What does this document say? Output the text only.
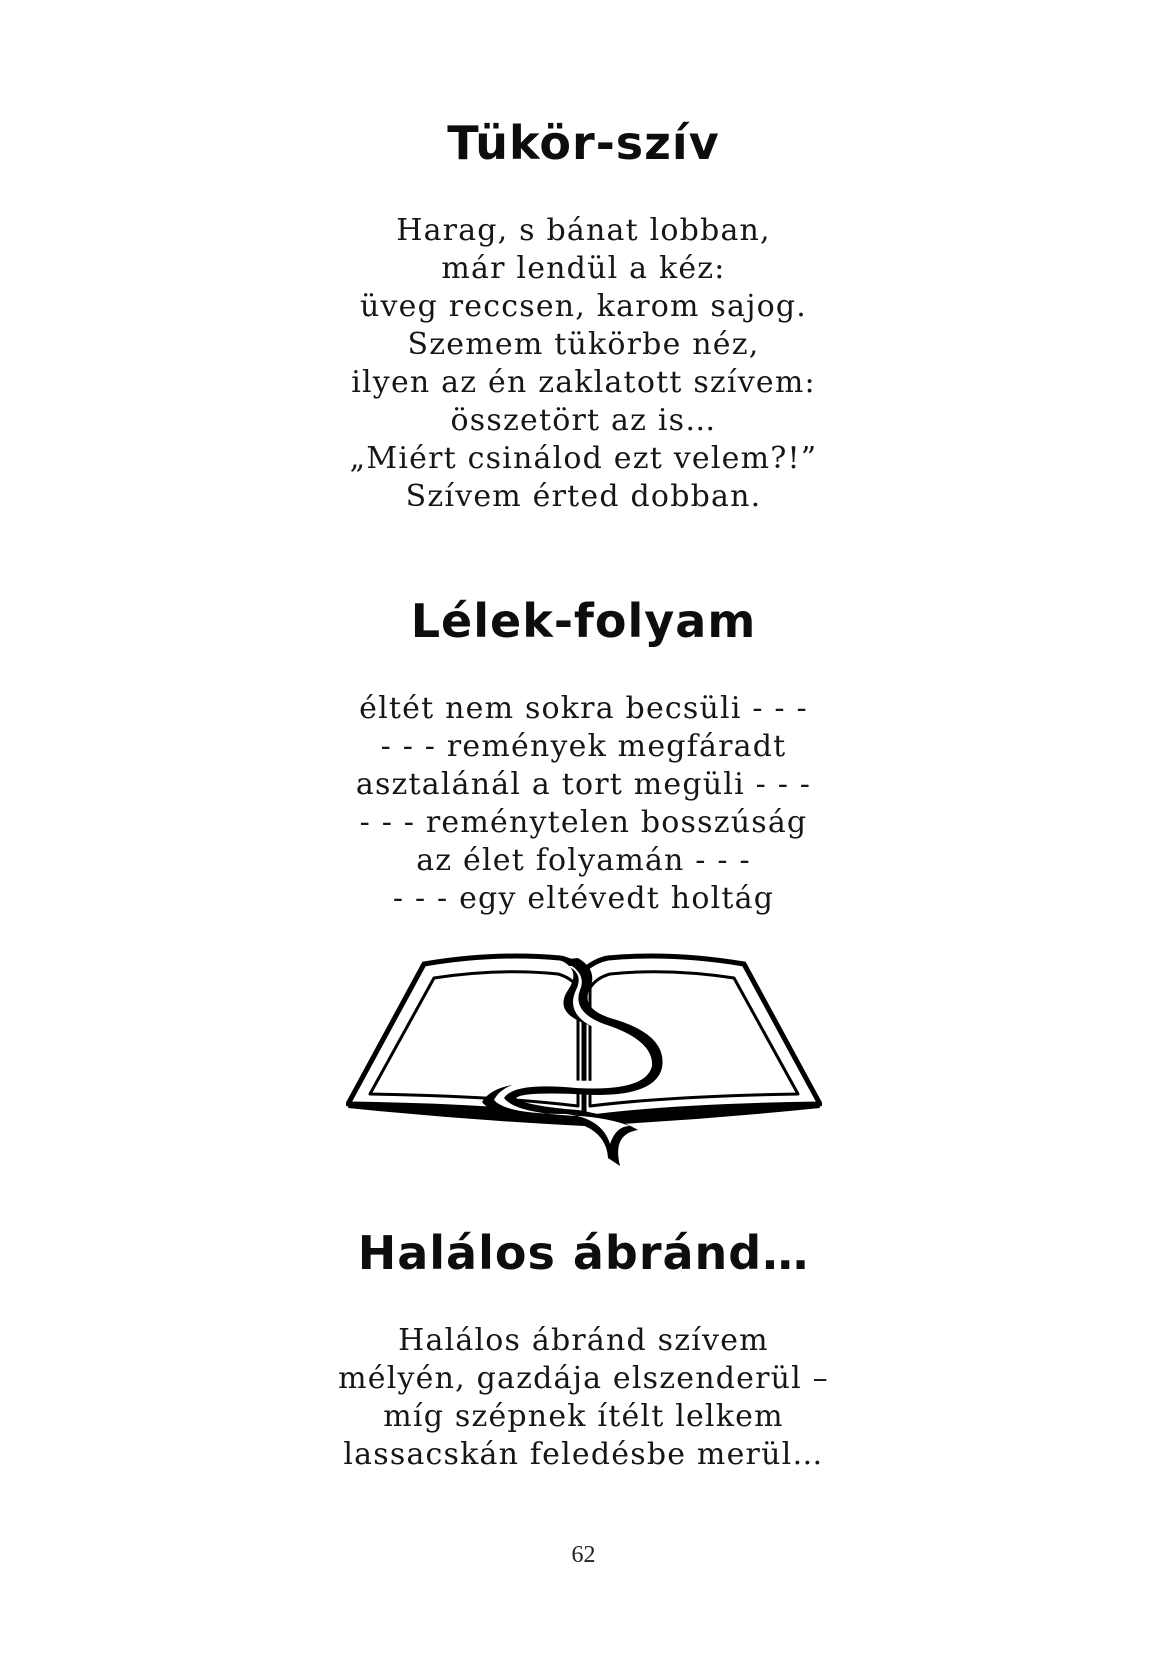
Tükör-szív
Harag, s bánat lobban,
már lendül a kéz:
üveg reccsen, karom sajog.
Szemem tükörbe néz,
ilyen az én zaklatott szívem:
összetört az is…
„Miért csinálod ezt velem?!”
Szívem érted dobban.
Lélek-folyam
éltét nem sokra becsüli - - -
- - - remények megfáradt
asztalánál a tort megüli - - -
- - - reménytelen bosszúság
az élet folyamán - - -
- - - egy eltévedt holtág
Halálos ábránd…
Halálos ábránd szívem
mélyén, gazdája elszenderül –
míg szépnek ítélt lelkem
lassacskán feledésbe merül…
62
